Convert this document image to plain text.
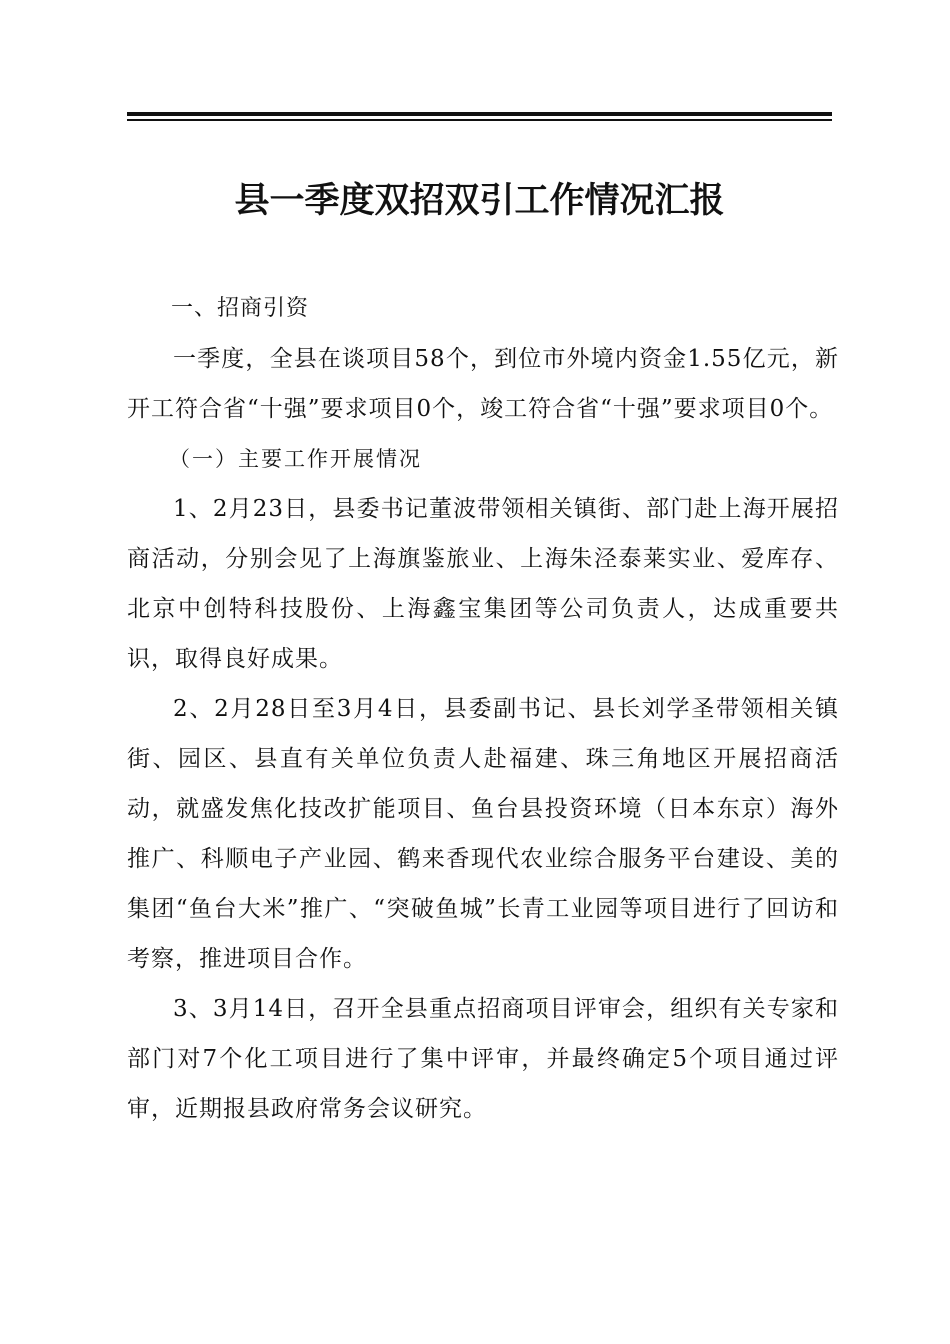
县一季度双招双引工作情况汇报

一、招商引资

一季度，全县在谈项目58个，到位市外境内资金1.55亿元，新开工符合省“十强”要求项目0个，竣工符合省“十强”要求项目0个。

（一）主要工作开展情况

1、2月23日，县委书记董波带领相关镇街、部门赴上海开展招商活动，分别会见了上海旗鉴旅业、上海朱泾泰莱实业、爱库存、北京中创特科技股份、上海鑫宝集团等公司负责人，达成重要共识，取得良好成果。

2、2月28日至3月4日，县委副书记、县长刘学圣带领相关镇街、园区、县直有关单位负责人赴福建、珠三角地区开展招商活动，就盛发焦化技改扩能项目、鱼台县投资环境（日本东京）海外推广、科顺电子产业园、鹤来香现代农业综合服务平台建设、美的集团“鱼台大米”推广、“突破鱼城”长青工业园等项目进行了回访和考察，推进项目合作。

3、3月14日，召开全县重点招商项目评审会，组织有关专家和部门对7个化工项目进行了集中评审，并最终确定5个项目通过评审，近期报县政府常务会议研究。
